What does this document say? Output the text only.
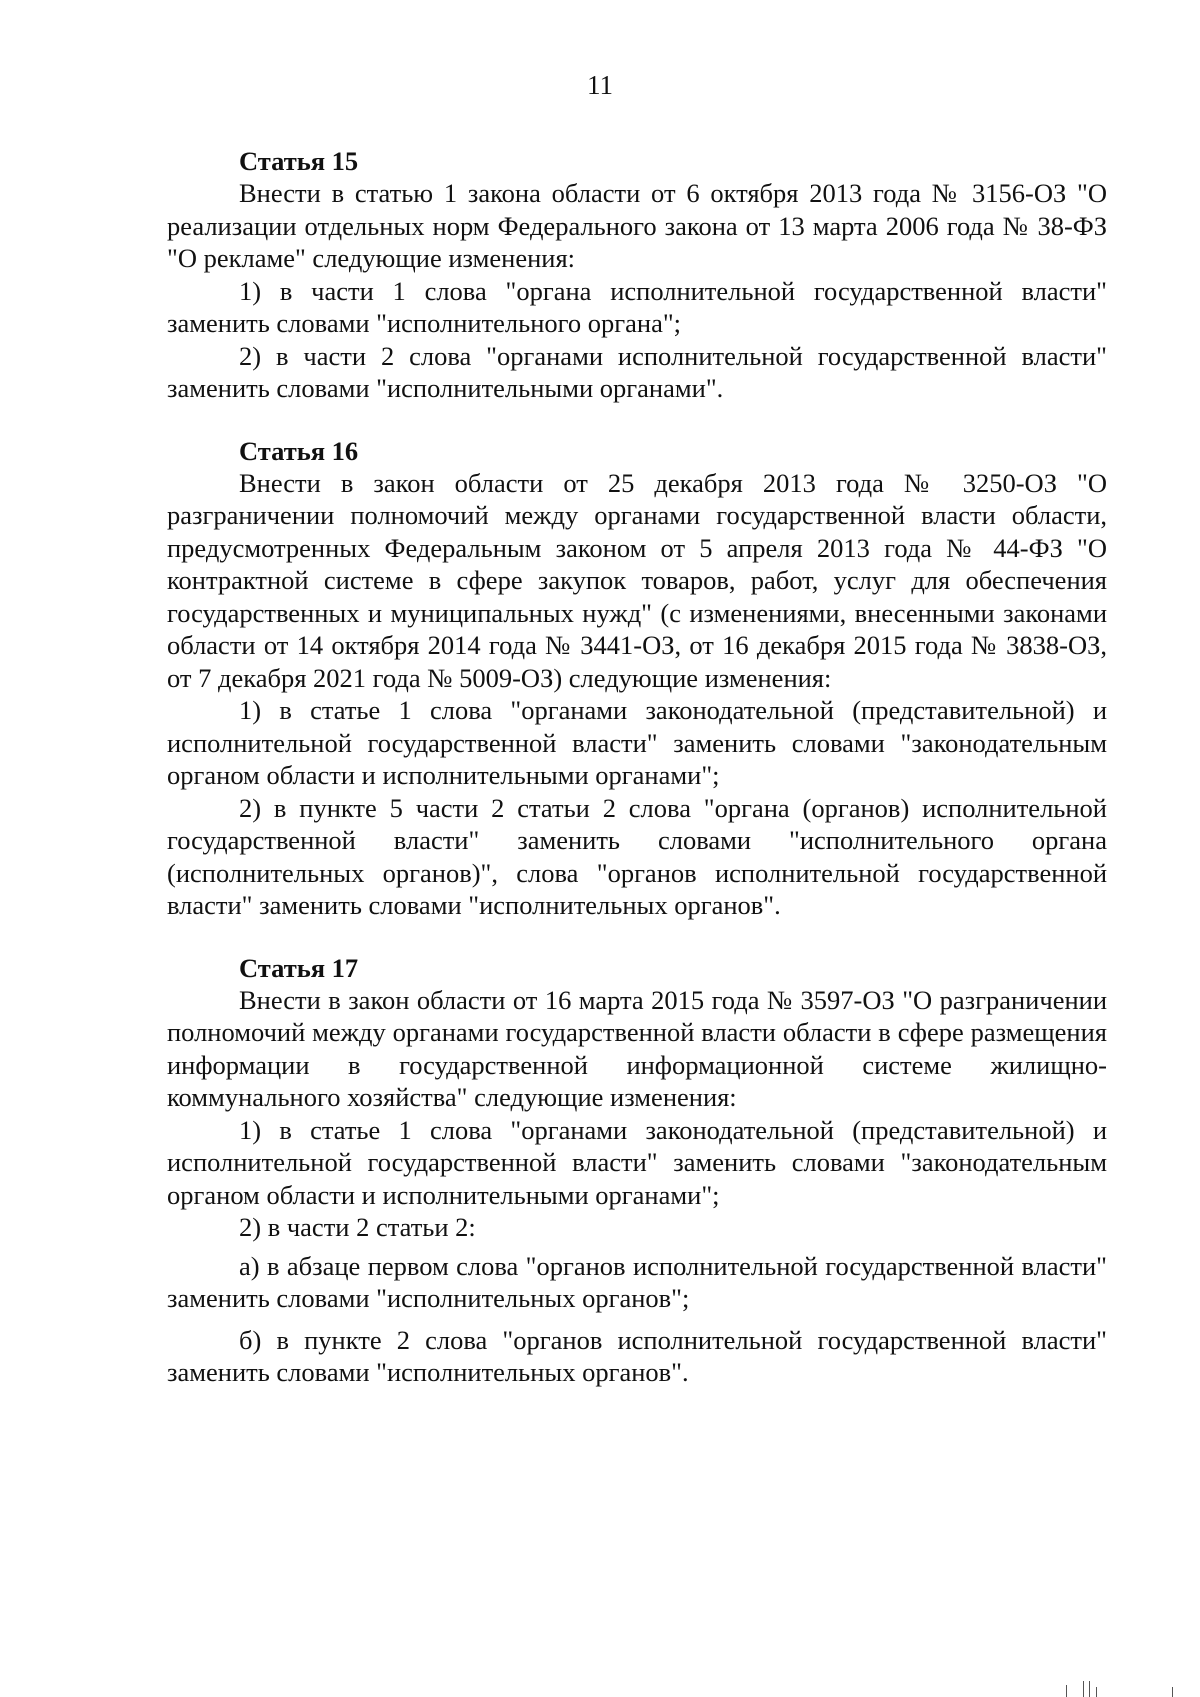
11

Статья 15

Внести в статью 1 закона области от 6 октября 2013 года № 3156-ОЗ "О реализации отдельных норм Федерального закона от 13 марта 2006 года № 38-ФЗ "О рекламе" следующие изменения:

1) в части 1 слова "органа исполнительной государственной власти" заменить словами "исполнительного органа";

2) в части 2 слова "органами исполнительной государственной власти" заменить словами "исполнительными органами".

Статья 16

Внести в закон области от 25 декабря 2013 года № 3250-ОЗ "О разграничении полномочий между органами государственной власти области, предусмотренных Федеральным законом от 5 апреля 2013 года № 44-ФЗ "О контрактной системе в сфере закупок товаров, работ, услуг для обеспечения государственных и муниципальных нужд" (с изменениями, внесенными законами области от 14 октября 2014 года № 3441-ОЗ, от 16 декабря 2015 года № 3838-ОЗ, от 7 декабря 2021 года № 5009-ОЗ) следующие изменения:

1) в статье 1 слова "органами законодательной (представительной) и исполнительной государственной власти" заменить словами "законодательным органом области и исполнительными органами";

2) в пункте 5 части 2 статьи 2 слова "органа (органов) исполнительной государственной власти" заменить словами "исполнительного органа (исполнительных органов)", слова "органов исполнительной государственной власти" заменить словами "исполнительных органов".

Статья 17

Внести в закон области от 16 марта 2015 года № 3597-ОЗ "О разграничении полномочий между органами государственной власти области в сфере размещения информации в государственной информационной системе жилищно-коммунального хозяйства" следующие изменения:

1) в статье 1 слова "органами законодательной (представительной) и исполнительной государственной власти" заменить словами "законодательным органом области и исполнительными органами";

2) в части 2 статьи 2:

а) в абзаце первом слова "органов исполнительной государственной власти" заменить словами "исполнительных органов";

б) в пункте 2 слова "органов исполнительной государственной власти" заменить словами "исполнительных органов".
